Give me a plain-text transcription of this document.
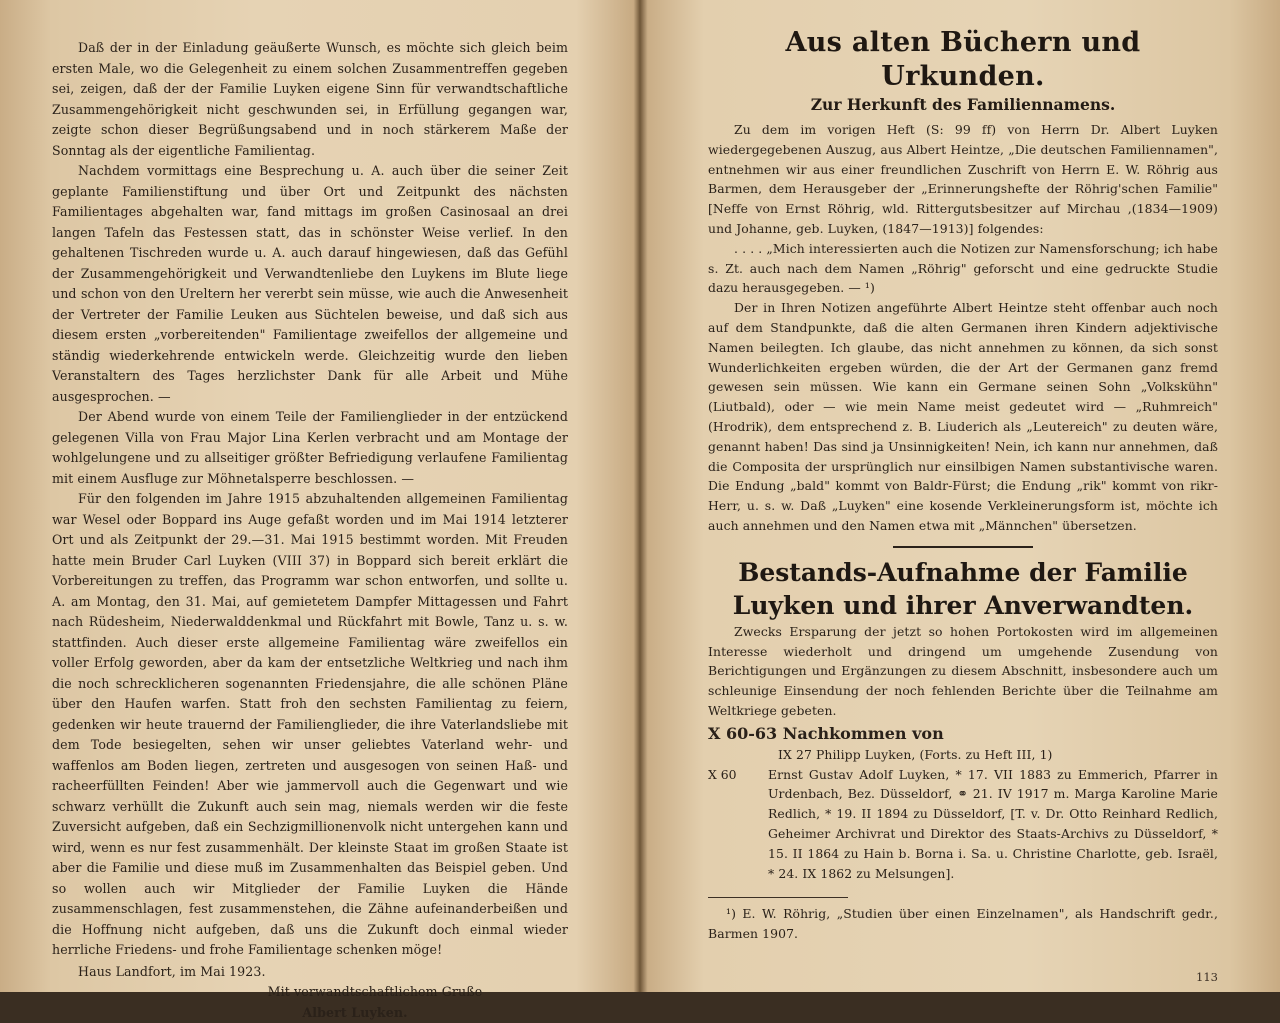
Daß der in der Einladung geäußerte Wunsch, es möchte sich gleich beim ersten Male, wo die Gelegenheit zu einem solchen Zusammentreffen gegeben sei, zeigen, daß der der Familie Luyken eigene Sinn für verwandtschaftliche Zusammengehörigkeit nicht geschwunden sei, in Erfüllung gegangen war, zeigte schon dieser Begrüßungsabend und in noch stärkerem Maße der Sonntag als der eigentliche Familientag.

Nachdem vormittags eine Besprechung u. A. auch über die seiner Zeit geplante Familienstiftung und über Ort und Zeitpunkt des nächsten Familientages abgehalten war, fand mittags im großen Casinosaal an drei langen Tafeln das Festessen statt, das in schönster Weise verlief. In den gehaltenen Tischreden wurde u. A. auch darauf hingewiesen, daß das Gefühl der Zusammengehörigkeit und Verwandtenliebe den Luykens im Blute liege und schon von den Ureltern her vererbt sein müsse, wie auch die Anwesenheit der Vertreter der Familie Leuken aus Süchtelen beweise, und daß sich aus diesem ersten „vorbereitenden" Familientage zweifellos der allgemeine und ständig wiederkehrende entwickeln werde. Gleichzeitig wurde den lieben Veranstaltern des Tages herzlichster Dank für alle Arbeit und Mühe ausgesprochen. —

Der Abend wurde von einem Teile der Familienglieder in der entzückend gelegenen Villa von Frau Major Lina Kerlen verbracht und am Montage der wohlgelungene und zu allseitiger größter Befriedigung verlaufene Familientag mit einem Ausfluge zur Möhnetalsperre beschlossen. —

Für den folgenden im Jahre 1915 abzuhaltenden allgemeinen Familientag war Wesel oder Boppard ins Auge gefaßt worden und im Mai 1914 letzterer Ort und als Zeitpunkt der 29.—31. Mai 1915 bestimmt worden. Mit Freuden hatte mein Bruder Carl Luyken (VIII 37) in Boppard sich bereit erklärt die Vorbereitungen zu treffen, das Programm war schon entworfen, und sollte u. A. am Montag, den 31. Mai, auf gemietetem Dampfer Mittagessen und Fahrt nach Rüdesheim, Niederwalddenkmal und Rückfahrt mit Bowle, Tanz u. s. w. stattfinden. Auch dieser erste allgemeine Familientag wäre zweifellos ein voller Erfolg geworden, aber da kam der entsetzliche Weltkrieg und nach ihm die noch schrecklicheren sogenannten Friedensjahre, die alle schönen Pläne über den Haufen warfen. Statt froh den sechsten Familientag zu feiern, gedenken wir heute trauernd der Familienglieder, die ihre Vaterlandsliebe mit dem Tode besiegelten, sehen wir unser geliebtes Vaterland wehr- und waffenlos am Boden liegen, zertreten und ausgesogen von seinen Haß- und racheerfüllten Feinden! Aber wie jammervoll auch die Gegenwart und wie schwarz verhüllt die Zukunft auch sein mag, niemals werden wir die feste Zuversicht aufgeben, daß ein Sechzigmillionenvolk nicht untergehen kann und wird, wenn es nur fest zusammenhält. Der kleinste Staat im großen Staate ist aber die Familie und diese muß im Zusammenhalten das Beispiel geben. Und so wollen auch wir Mitglieder der Familie Luyken die Hände zusammenschlagen, fest zusammenstehen, die Zähne aufeinanderbeißen und die Hoffnung nicht aufgeben, daß uns die Zukunft doch einmal wieder herrliche Friedens- und frohe Familientage schenken möge!

Haus Landfort, im Mai 1923.

Mit verwandtschaftlichem Gruße

Albert Luyken.

Aus alten Büchern und Urkunden.
Zur Herkunft des Familiennamens.

Zu dem im vorigen Heft (S: 99 ff) von Herrn Dr. Albert Luyken wiedergegebenen Auszug, aus Albert Heintze, „Die deutschen Familiennamen", entnehmen wir aus einer freundlichen Zuschrift von Herrn E. W. Röhrig aus Barmen, dem Herausgeber der „Erinnerungshefte der Röhrig'schen Familie" [Neffe von Ernst Röhrig, wld. Rittergutsbesitzer auf Mirchau ,(1834—1909) und Johanne, geb. Luyken, (1847—1913)] folgendes:

. . . . „Mich interessierten auch die Notizen zur Namensforschung; ich habe s. Zt. auch nach dem Namen „Röhrig" geforscht und eine gedruckte Studie dazu herausgegeben. — ¹)

Der in Ihren Notizen angeführte Albert Heintze steht offenbar auch noch auf dem Standpunkte, daß die alten Germanen ihren Kindern adjektivische Namen beilegten. Ich glaube, das nicht annehmen zu können, da sich sonst Wunderlichkeiten ergeben würden, die der Art der Germanen ganz fremd gewesen sein müssen. Wie kann ein Germane seinen Sohn „Volkskühn" (Liutbald), oder — wie mein Name meist gedeutet wird — „Ruhmreich" (Hrodrik), dem entsprechend z. B. Liuderich als „Leutereich" zu deuten wäre, genannt haben! Das sind ja Unsinnigkeiten! Nein, ich kann nur annehmen, daß die Composita der ursprünglich nur einsilbigen Namen substantivische waren. Die Endung „bald" kommt von Baldr-Fürst; die Endung „rik" kommt von rikr-Herr, u. s. w. Daß „Luyken" eine kosende Verkleinerungsform ist, möchte ich auch annehmen und den Namen etwa mit „Männchen" übersetzen.

Bestands-Aufnahme der Familie Luyken und ihrer Anverwandten.

Zwecks Ersparung der jetzt so hohen Portokosten wird im allgemeinen Interesse wiederholt und dringend um umgehende Zusendung von Berichtigungen und Ergänzungen zu diesem Abschnitt, insbesondere auch um schleunige Einsendung der noch fehlenden Berichte über die Teilnahme am Weltkriege gebeten.

X 60-63 Nachkommen von

IX 27 Philipp Luyken, (Forts. zu Heft III, 1)

X 60	Ernst Gustav Adolf Luyken, * 17. VII 1883 zu Emmerich, Pfarrer in Urdenbach, Bez. Düsseldorf, ⚭ 21. IV 1917 m. Marga Karoline Marie Redlich, * 19. II 1894 zu Düsseldorf, [T. v. Dr. Otto Reinhard Redlich, Geheimer Archivrat und Direktor des Staats-Archivs zu Düsseldorf, * 15. II 1864 zu Hain b. Borna i. Sa. u. Christine Charlotte, geb. Israël, * 24. IX 1862 zu Melsungen].

¹) E. W. Röhrig, „Studien über einen Einzelnamen", als Handschrift gedr., Barmen 1907.

113
